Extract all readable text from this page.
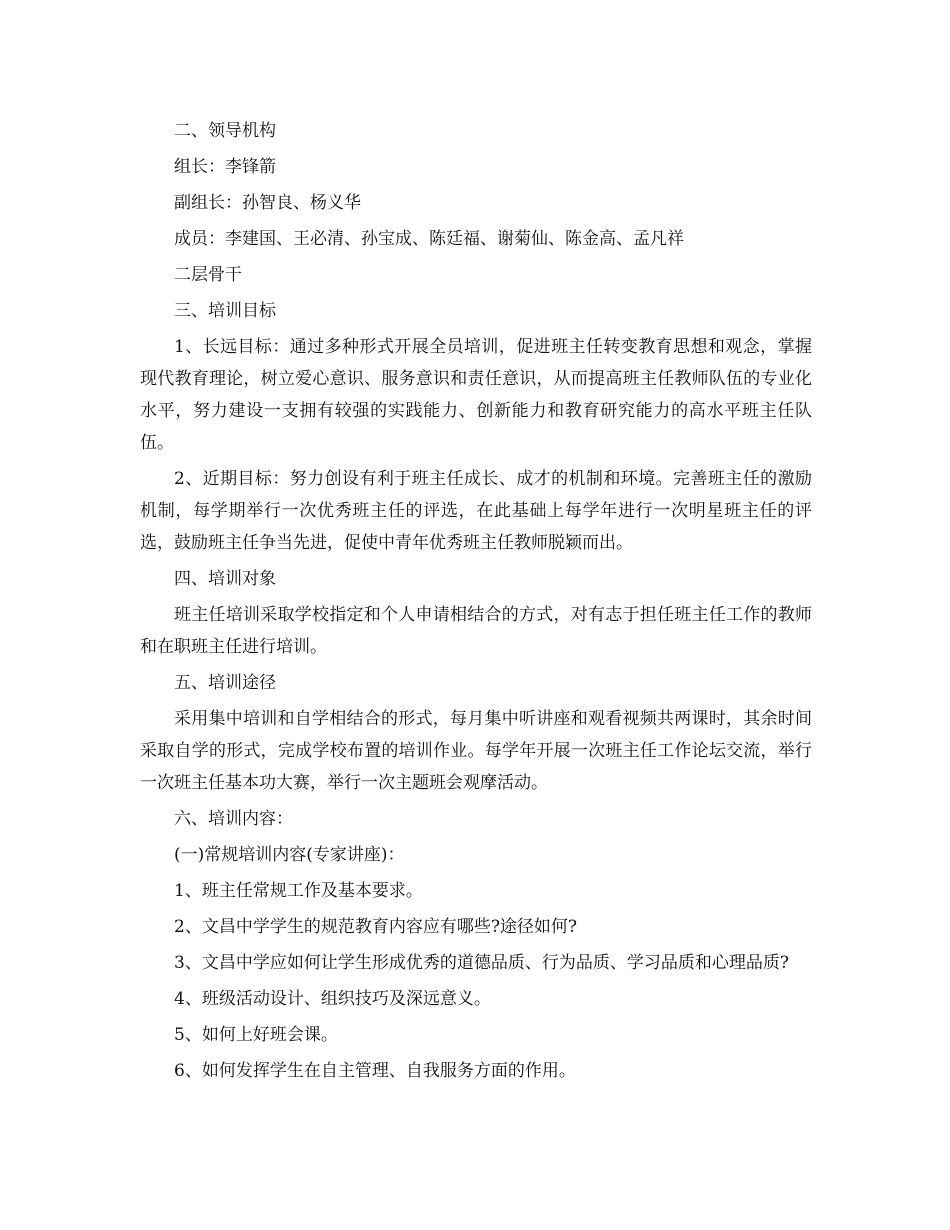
二、领导机构

组长：李锋箭

副组长：孙智良、杨义华

成员：李建国、王必清、孙宝成、陈廷福、谢菊仙、陈金高、孟凡祥

二层骨干

三、培训目标

1、长远目标：通过多种形式开展全员培训，促进班主任转变教育思想和观念，掌握现代教育理论，树立爱心意识、服务意识和责任意识，从而提高班主任教师队伍的专业化水平，努力建设一支拥有较强的实践能力、创新能力和教育研究能力的高水平班主任队伍。

2、近期目标：努力创设有利于班主任成长、成才的机制和环境。完善班主任的激励机制，每学期举行一次优秀班主任的评选，在此基础上每学年进行一次明星班主任的评选，鼓励班主任争当先进，促使中青年优秀班主任教师脱颖而出。

四、培训对象

班主任培训采取学校指定和个人申请相结合的方式，对有志于担任班主任工作的教师和在职班主任进行培训。

五、培训途径

采用集中培训和自学相结合的形式，每月集中听讲座和观看视频共两课时，其余时间采取自学的形式，完成学校布置的培训作业。每学年开展一次班主任工作论坛交流，举行一次班主任基本功大赛，举行一次主题班会观摩活动。

六、培训内容：

(一)常规培训内容(专家讲座)：

1、班主任常规工作及基本要求。

2、文昌中学学生的规范教育内容应有哪些?途径如何?

3、文昌中学应如何让学生形成优秀的道德品质、行为品质、学习品质和心理品质?

4、班级活动设计、组织技巧及深远意义。

5、如何上好班会课。

6、如何发挥学生在自主管理、自我服务方面的作用。
